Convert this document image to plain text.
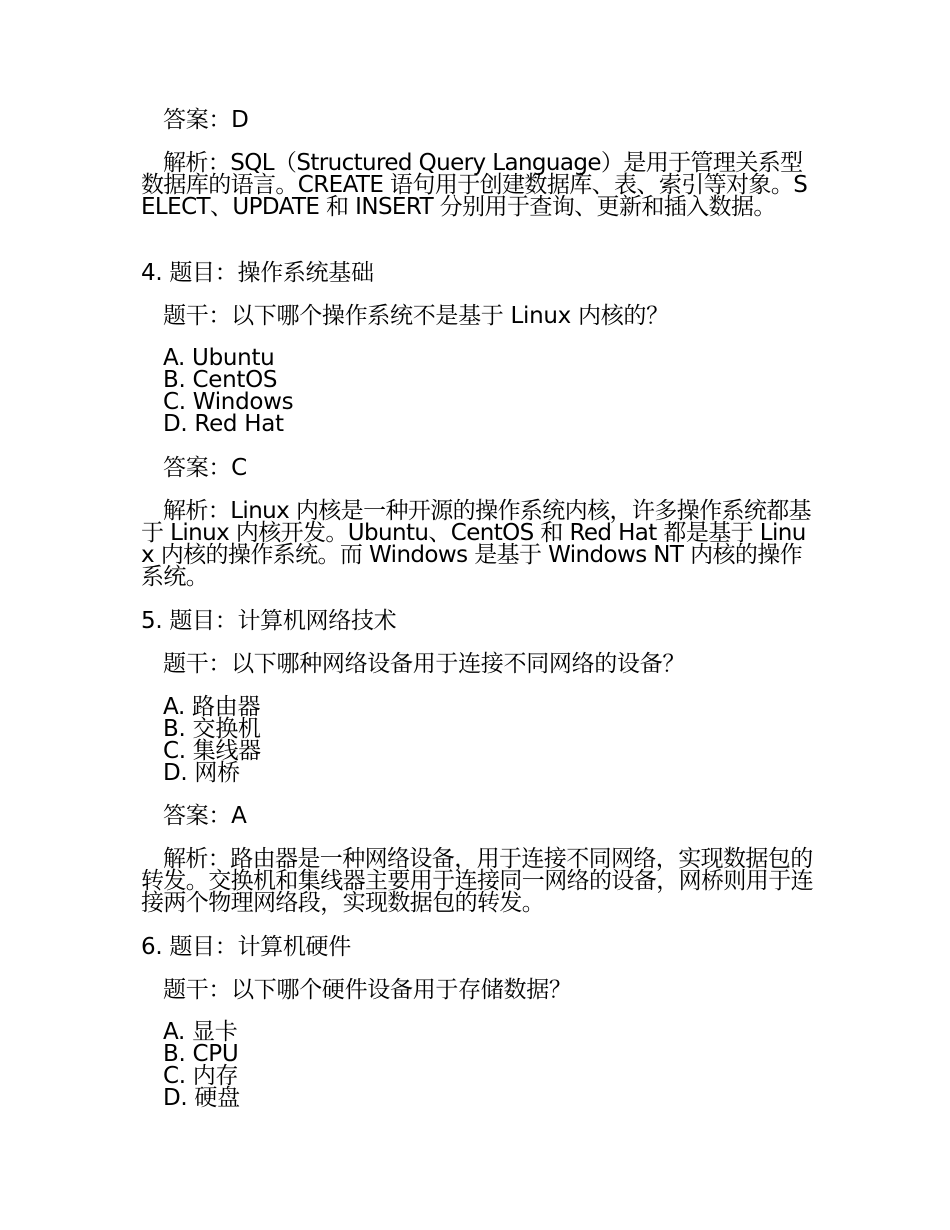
答案：D
解析：SQL（Structured Query Language）是用于管理关系型数据库的语言。CREATE 语句用于创建数据库、表、索引等对象。SELECT、UPDATE 和 INSERT 分别用于查询、更新和插入数据。
4. 题目：操作系统基础
题干：以下哪个操作系统不是基于 Linux 内核的？
A. Ubuntu
B. CentOS
C. Windows
D. Red Hat
答案：C
解析：Linux 内核是一种开源的操作系统内核，许多操作系统都基于 Linux 内核开发。Ubuntu、CentOS 和 Red Hat 都是基于 Linux 内核的操作系统。而 Windows 是基于 Windows NT 内核的操作系统。
5. 题目：计算机网络技术
题干：以下哪种网络设备用于连接不同网络的设备？
A. 路由器
B. 交换机
C. 集线器
D. 网桥
答案：A
解析：路由器是一种网络设备，用于连接不同网络，实现数据包的转发。交换机和集线器主要用于连接同一网络的设备，网桥则用于连接两个物理网络段，实现数据包的转发。
6. 题目：计算机硬件
题干：以下哪个硬件设备用于存储数据？
A. 显卡
B. CPU
C. 内存
D. 硬盘
